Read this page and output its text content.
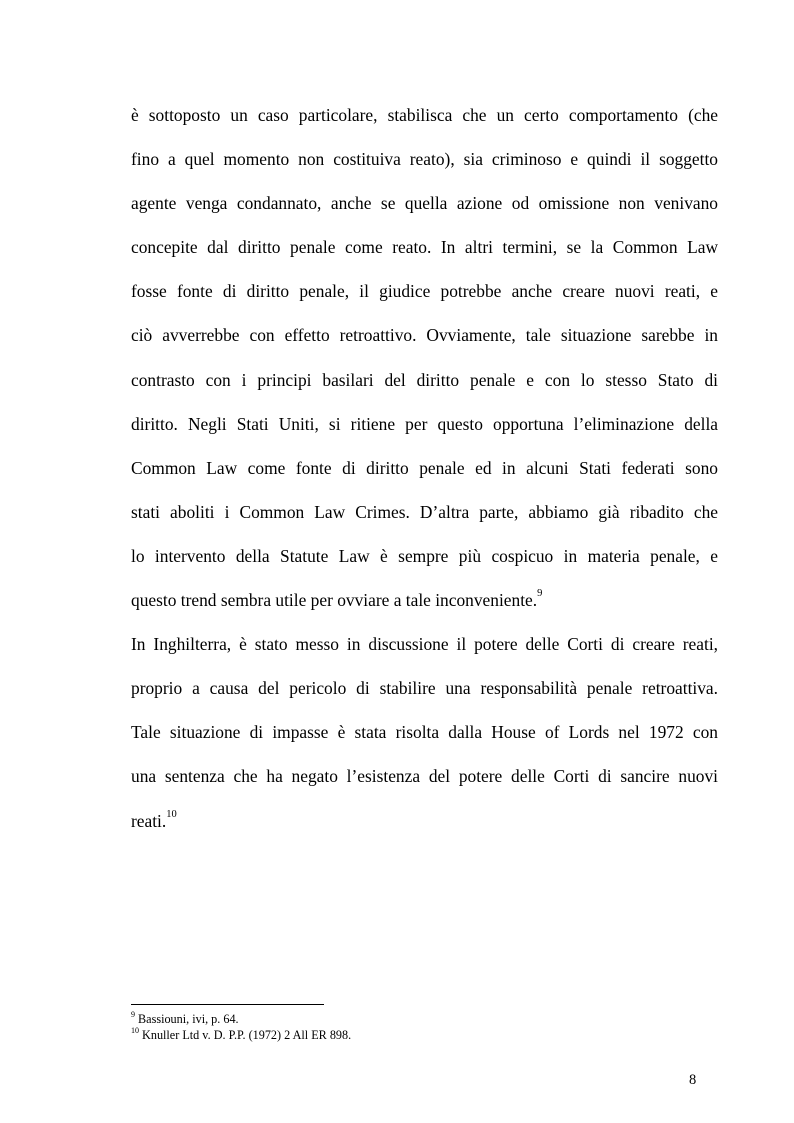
è sottoposto un caso particolare, stabilisca che un certo comportamento (che
fino a quel momento non costituiva reato), sia criminoso e quindi il soggetto
agente venga condannato, anche se quella azione od omissione non venivano
concepite dal diritto penale come reato. In altri termini, se la Common Law
fosse fonte di diritto penale, il giudice potrebbe anche creare nuovi reati, e
ciò avverrebbe con effetto retroattivo. Ovviamente, tale situazione sarebbe in
contrasto con i principi basilari del diritto penale e con lo stesso Stato di
diritto. Negli Stati Uniti, si ritiene per questo opportuna l’eliminazione della
Common Law come fonte di diritto penale ed in alcuni Stati federati sono
stati aboliti i Common Law Crimes. D’altra parte, abbiamo già ribadito che
lo intervento della Statute Law è sempre più cospicuo in materia penale, e
questo trend sembra utile per ovviare a tale inconveniente.$^9$
In Inghilterra, è stato messo in discussione il potere delle Corti di creare reati,
proprio a causa del pericolo di stabilire una responsabilità penale retroattiva.
Tale situazione di impasse è stata risolta dalla House of Lords nel 1972 con
una sentenza che ha negato l’esistenza del potere delle Corti di sancire nuovi
reati.$^{10}$
$^9$ Bassiouni, ivi, p. 64.
$^{10}$ Knuller Ltd v. D. P.P. (1972) 2 All ER 898.
8
